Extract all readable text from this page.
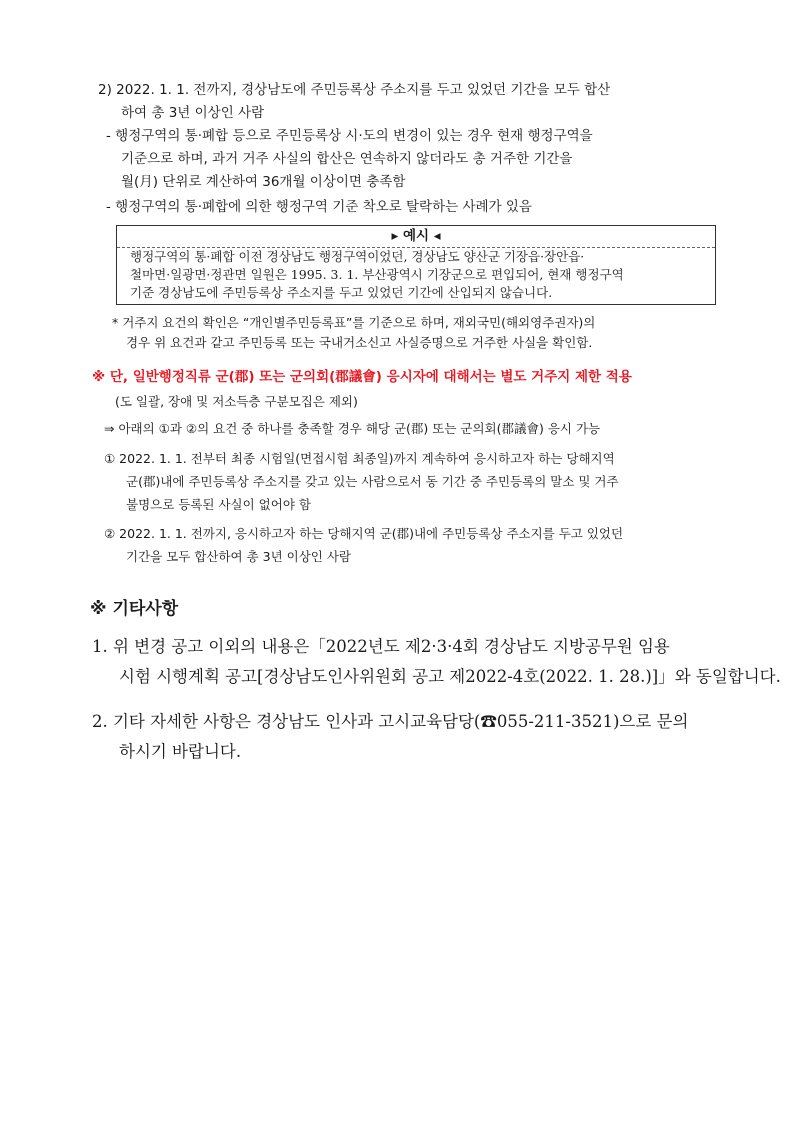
2) 2022. 1. 1. 전까지, 경상남도에 주민등록상 주소지를 두고 있었던 기간을 모두 합산
하여 총 3년 이상인 사람
- 행정구역의 통·폐합 등으로 주민등록상 시·도의 변경이 있는 경우 현재 행정구역을
기준으로 하며, 과거 거주 사실의 합산은 연속하지 않더라도 총 거주한 기간을
월(月) 단위로 계산하여 36개월 이상이면 충족함
- 행정구역의 통·폐합에 의한 행정구역 기준 착오로 탈락하는 사례가 있음
▸ 예시 ◂
행정구역의 통·폐합 이전 경상남도 행정구역이었던, 경상남도 양산군 기장읍·장안읍·
철마면·일광면·정관면 일원은 1995. 3. 1. 부산광역시 기장군으로 편입되어, 현재 행정구역
기준 경상남도에 주민등록상 주소지를 두고 있었던 기간에 산입되지 않습니다.
* 거주지 요건의 확인은 “개인별주민등록표”를 기준으로 하며, 재외국민(해외영주권자)의
경우 위 요건과 같고 주민등록 또는 국내거소신고 사실증명으로 거주한 사실을 확인함.
※ 단, 일반행정직류 군(郡) 또는 군의회(郡議會) 응시자에 대해서는 별도 거주지 제한 적용
(도 일괄, 장애 및 저소득층 구분모집은 제외)
⇒ 아래의 ①과 ②의 요건 중 하나를 충족할 경우 해당 군(郡) 또는 군의회(郡議會) 응시 가능
① 2022. 1. 1. 전부터 최종 시험일(면접시험 최종일)까지 계속하여 응시하고자 하는 당해지역
군(郡)내에 주민등록상 주소지를 갖고 있는 사람으로서 동 기간 중 주민등록의 말소 및 거주
불명으로 등록된 사실이 없어야 함
② 2022. 1. 1. 전까지, 응시하고자 하는 당해지역 군(郡)내에 주민등록상 주소지를 두고 있었던
기간을 모두 합산하여 총 3년 이상인 사람
※ 기타사항
1. 위 변경 공고 이외의 내용은「2022년도 제2·3·4회 경상남도 지방공무원 임용
시험 시행계획 공고[경상남도인사위원회 공고 제2022-4호(2022. 1. 28.)]」와 동일합니다.
2. 기타 자세한 사항은 경상남도 인사과 고시교육담당(☎055-211-3521)으로 문의
하시기 바랍니다.
